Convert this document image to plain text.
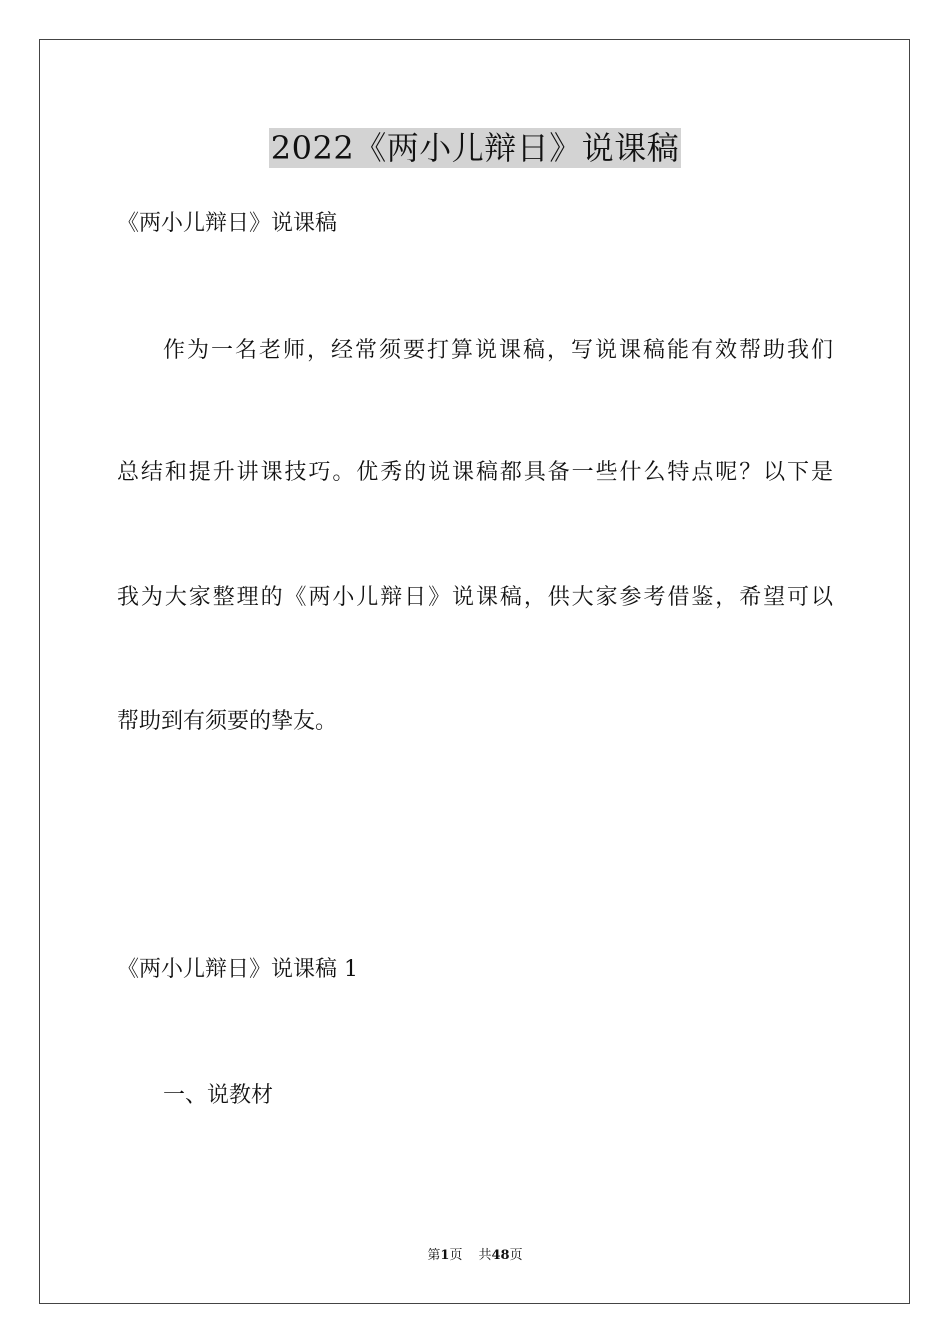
2022《两小儿辩日》说课稿
《两小儿辩日》说课稿
作为一名老师，经常须要打算说课稿，写说课稿能有效帮助我们
总结和提升讲课技巧。优秀的说课稿都具备一些什么特点呢？以下是
我为大家整理的《两小儿辩日》说课稿，供大家参考借鉴，希望可以
帮助到有须要的挚友。
《两小儿辩日》说课稿 1
一、说教材
第1页 共48页
